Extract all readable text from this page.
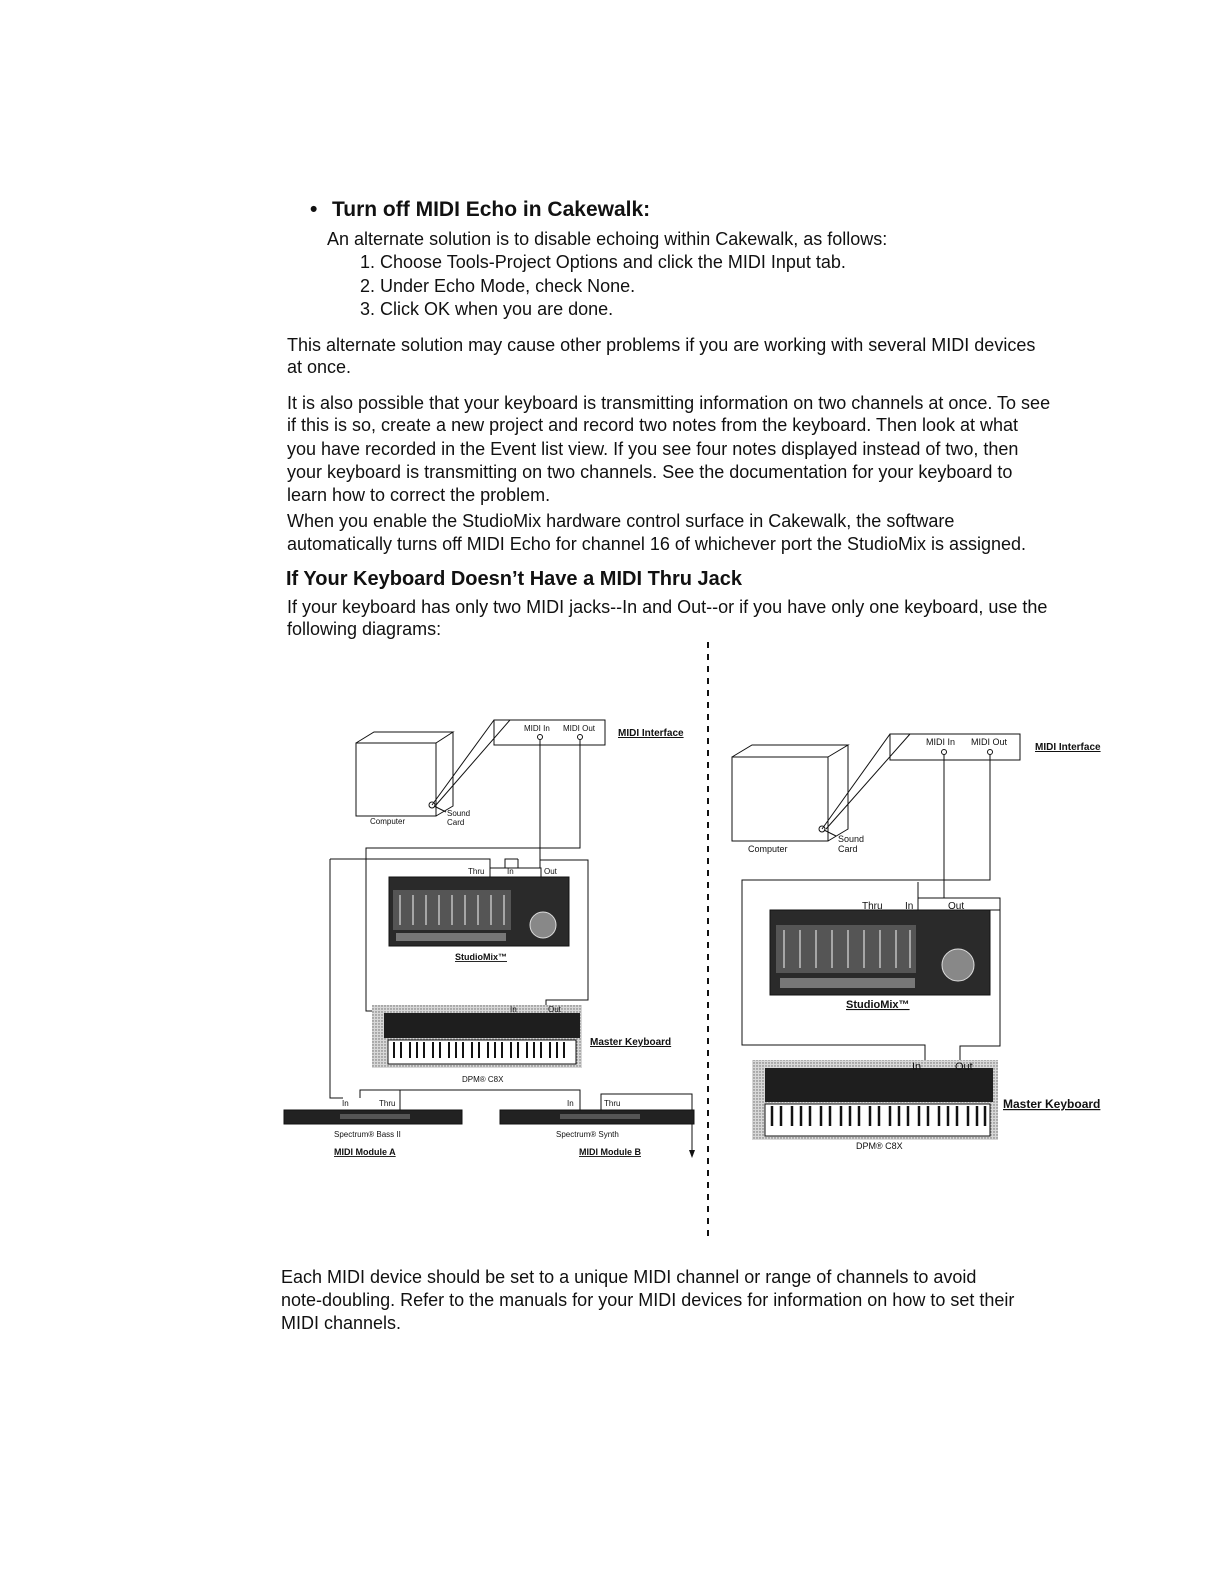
• Turn off MIDI Echo in Cakewalk:
An alternate solution is to disable echoing within Cakewalk, as follows:
1. Choose Tools-Project Options and click the MIDI Input tab.
2. Under Echo Mode, check None.
3. Click OK when you are done.
This alternate solution may cause other problems if you are working with several MIDI devices
at once.
It is also possible that your keyboard is transmitting information on two channels at once. To see
if this is so, create a new project and record two notes from the keyboard. Then look at what
you have recorded in the Event list view. If you see four notes displayed instead of two, then
your keyboard is transmitting on two channels. See the documentation for your keyboard to
learn how to correct the problem.
When you enable the StudioMix hardware control surface in Cakewalk, the software
automatically turns off MIDI Echo for channel 16 of whichever port the StudioMix is assigned.
If Your Keyboard Doesn’t Have a MIDI Thru Jack
If your keyboard has only two MIDI jacks--In and Out--or if you have only one keyboard, use the
following diagrams:
Computer
Sound
Card
MIDI In MIDI Out MIDI Interface
Thru	In	Out
StudioMix™
In	Out
Master Keyboard
DPM® C8X
In	Thru
Spectrum® Bass II
MIDI Module A
In	Thru
Spectrum® Synth
MIDI Module B
Computer
Sound
Card
MIDI In MIDI Out	MIDI Interface
Thru In	Out
StudioMix™
In	Out
Master Keyboard
DPM® C8X
Each MIDI device should be set to a unique MIDI channel or range of channels to avoid
note-doubling. Refer to the manuals for your MIDI devices for information on how to set their
MIDI channels.
